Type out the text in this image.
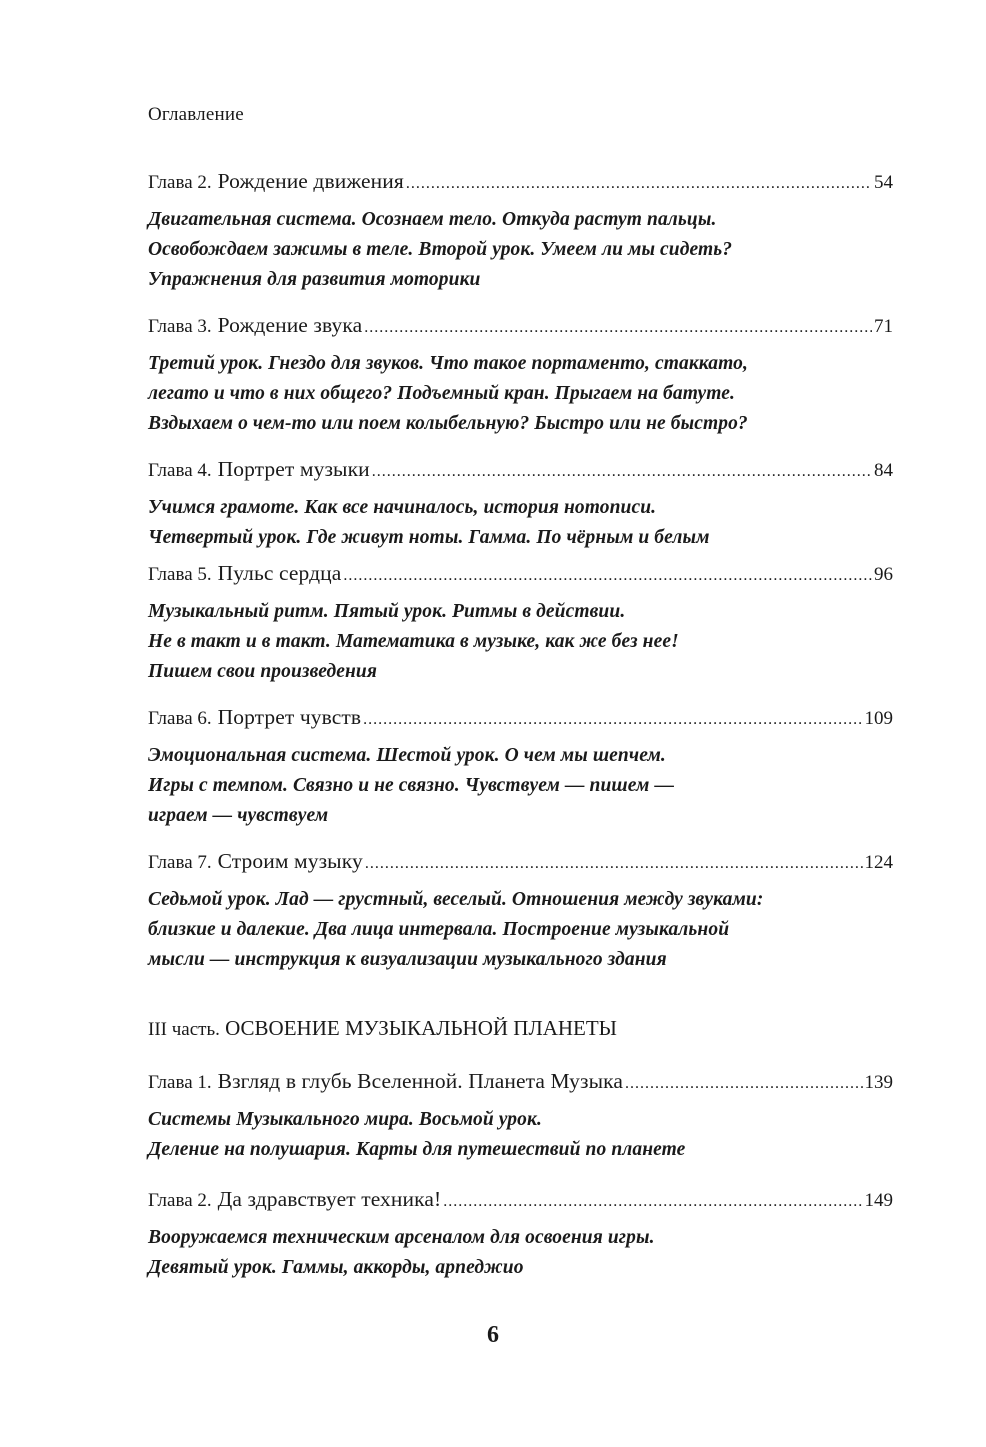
Оглавление
Глава 2. Рождение движения .....	54
Двигательная система. Осознаем тело. Откуда растут пальцы.
Освобождаем зажимы в теле. Второй урок. Умеем ли мы сидеть?
Упражнения для развития моторики
Глава 3. Рождение звука .....	71
Третий урок. Гнездо для звуков. Что такое портаменто, стаккато,
легато и что в них общего? Подъемный кран. Прыгаем на батуте.
Вздыхаем о чем-то или поем колыбельную? Быстро или не быстро?
Глава 4. Портрет музыки .....	84
Учимся грамоте. Как все начиналось, история нотописи.
Четвертый урок. Где живут ноты. Гамма. По чёрным и белым
Глава 5. Пульс сердца .....	96
Музыкальный ритм. Пятый урок. Ритмы в действии.
Не в такт и в такт. Математика в музыке, как же без нее!
Пишем свои произведения
Глава 6. Портрет чувств .....	109
Эмоциональная система. Шестой урок. О чем мы шепчем.
Игры с темпом. Связно и не связно. Чувствуем — пишем —
играем — чувствуем
Глава 7. Строим музыку .....	124
Седьмой урок. Лад — грустный, веселый. Отношения между звуками:
близкие и далекие. Два лица интервала. Построение музыкальной
мысли — инструкция к визуализации музыкального здания
III часть. ОСВОЕНИЕ МУЗЫКАЛЬНОЙ ПЛАНЕТЫ
Глава 1. Взгляд в глубь Вселенной. Планета Музыка .....	139
Системы Музыкального мира. Восьмой урок.
Деление на полушария. Карты для путешествий по планете
Глава 2. Да здравствует техника! .....	149
Вооружаемся техническим арсеналом для освоения игры.
Девятый урок. Гаммы, аккорды, арпеджио
6
